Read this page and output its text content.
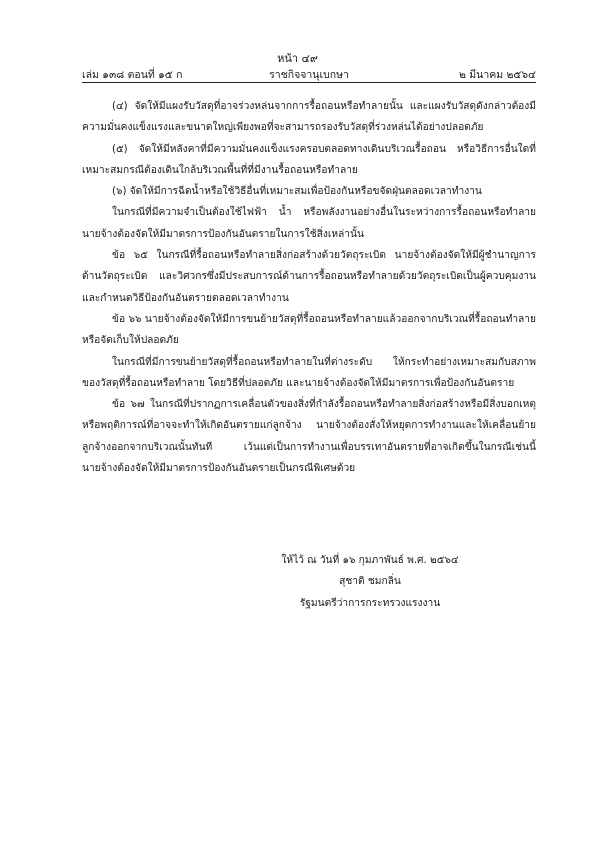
หน้า ๔๙
เล่ม ๑๓๘ ตอนที่ ๑๕ ก	ราชกิจจานุเบกษา	๒ มีนาคม ๒๕๖๔

(๔) จัดให้มีแผงรับวัสดุที่อาจร่วงหล่นจากการรื้อถอนหรือทำลายนั้น และแผงรับวัสดุดังกล่าวต้องมีความมั่นคงแข็งแรงและขนาดใหญ่เพียงพอที่จะสามารถรองรับวัสดุที่ร่วงหล่นได้อย่างปลอดภัย

(๕) จัดให้มีหลังคาที่มีความมั่นคงแข็งแรงครอบตลอดทางเดินบริเวณรื้อถอน หรือวิธีการอื่นใดที่เหมาะสมกรณีต้องเดินใกล้บริเวณพื้นที่ที่มีงานรื้อถอนหรือทำลาย

(๖) จัดให้มีการฉีดน้ำหรือใช้วิธีอื่นที่เหมาะสมเพื่อป้องกันหรือขจัดฝุ่นตลอดเวลาทำงาน

ในกรณีที่มีความจำเป็นต้องใช้ไฟฟ้า น้ำ หรือพลังงานอย่างอื่นในระหว่างการรื้อถอนหรือทำลาย นายจ้างต้องจัดให้มีมาตรการป้องกันอันตรายในการใช้สิ่งเหล่านั้น

ข้อ ๖๕ ในกรณีที่รื้อถอนหรือทำลายสิ่งก่อสร้างด้วยวัตถุระเบิด นายจ้างต้องจัดให้มีผู้ชำนาญการด้านวัตถุระเบิด และวิศวกรซึ่งมีประสบการณ์ด้านการรื้อถอนหรือทำลายด้วยวัตถุระเบิดเป็นผู้ควบคุมงานและกำหนดวิธีป้องกันอันตรายตลอดเวลาทำงาน

ข้อ ๖๖ นายจ้างต้องจัดให้มีการขนย้ายวัสดุที่รื้อถอนหรือทำลายแล้วออกจากบริเวณที่รื้อถอนทำลาย หรือจัดเก็บให้ปลอดภัย

ในกรณีที่มีการขนย้ายวัสดุที่รื้อถอนหรือทำลายในที่ต่างระดับ ให้กระทำอย่างเหมาะสมกับสภาพของวัสดุที่รื้อถอนหรือทำลาย โดยวิธีที่ปลอดภัย และนายจ้างต้องจัดให้มีมาตรการเพื่อป้องกันอันตราย

ข้อ ๖๗ ในกรณีที่ปรากฏการเคลื่อนตัวของสิ่งที่กำลังรื้อถอนหรือทำลายสิ่งก่อสร้างหรือมีสิ่งบอกเหตุหรือพฤติการณ์ที่อาจจะทำให้เกิดอันตรายแก่ลูกจ้าง นายจ้างต้องสั่งให้หยุดการทำงานและให้เคลื่อนย้ายลูกจ้างออกจากบริเวณนั้นทันที เว้นแต่เป็นการทำงานเพื่อบรรเทาอันตรายที่อาจเกิดขึ้นในกรณีเช่นนี้ นายจ้างต้องจัดให้มีมาตรการป้องกันอันตรายเป็นกรณีพิเศษด้วย

ให้ไว้ ณ วันที่ ๑๖ กุมภาพันธ์ พ.ศ. ๒๕๖๔
สุชาติ ชมกลิ่น
รัฐมนตรีว่าการกระทรวงแรงงาน
